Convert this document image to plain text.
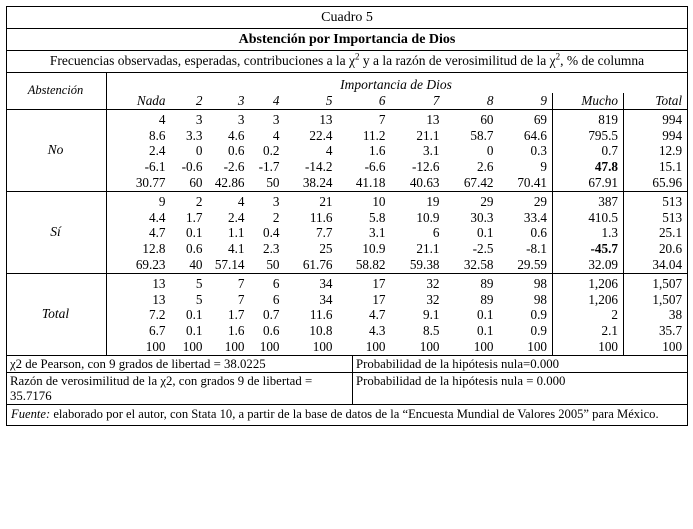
Cuadro 5											
Abstención por Importancia de Dios											
Frecuencias observadas, esperadas, contribuciones a la $\chi^2$ y a la razón de verosimilitud de la $\chi^2$, % de columna											
Abstención	Importancia de Dios										
	Nada	2	3	4	5	6	7	8	9	Mucho	Total
No	4	3	3	3	13	7	13	60	69	819	994
	8.6	3.3	4.6	4	22.4	11.2	21.1	58.7	64.6	795.5	994
	2.4	0	0.6	0.2	4	1.6	3.1	0	0.3	0.7	12.9
	-6.1	-0.6	-2.6	-1.7	-14.2	-6.6	-12.6	2.6	9	47.8	15.1
	30.77	60	42.86	50	38.24	41.18	40.63	67.42	70.41	67.91	65.96
Sí	9	2	4	3	21	10	19	29	29	387	513
	4.4	1.7	2.4	2	11.6	5.8	10.9	30.3	33.4	410.5	513
	4.7	0.1	1.1	0.4	7.7	3.1	6	0.1	0.6	1.3	25.1
	12.8	0.6	4.1	2.3	25	10.9	21.1	-2.5	-8.1	-45.7	20.6
	69.23	40	57.14	50	61.76	58.82	59.38	32.58	29.59	32.09	34.04
Total	13	5	7	6	34	17	32	89	98	1,206	1,507
	13	5	7	6	34	17	32	89	98	1,206	1,507
	7.2	0.1	1.7	0.7	11.6	4.7	9.1	0.1	0.9	2	38
	6.7	0.1	1.6	0.6	10.8	4.3	8.5	0.1	0.9	2.1	35.7
	100	100	100	100	100	100	100	100	100	100	100
χ2 de Pearson, con 9 grados de libertad = 38.0225	Probabilidad de la hipótesis nula=0.000
Razón de verosimilitud de la χ2, con grados 9 de libertad = 35.7176	Probabilidad de la hipótesis nula = 0.000
Fuente: elaborado por el autor, con Stata 10, a partir de la base de datos de la “Encuesta Mundial de Valores 2005” para México.	
